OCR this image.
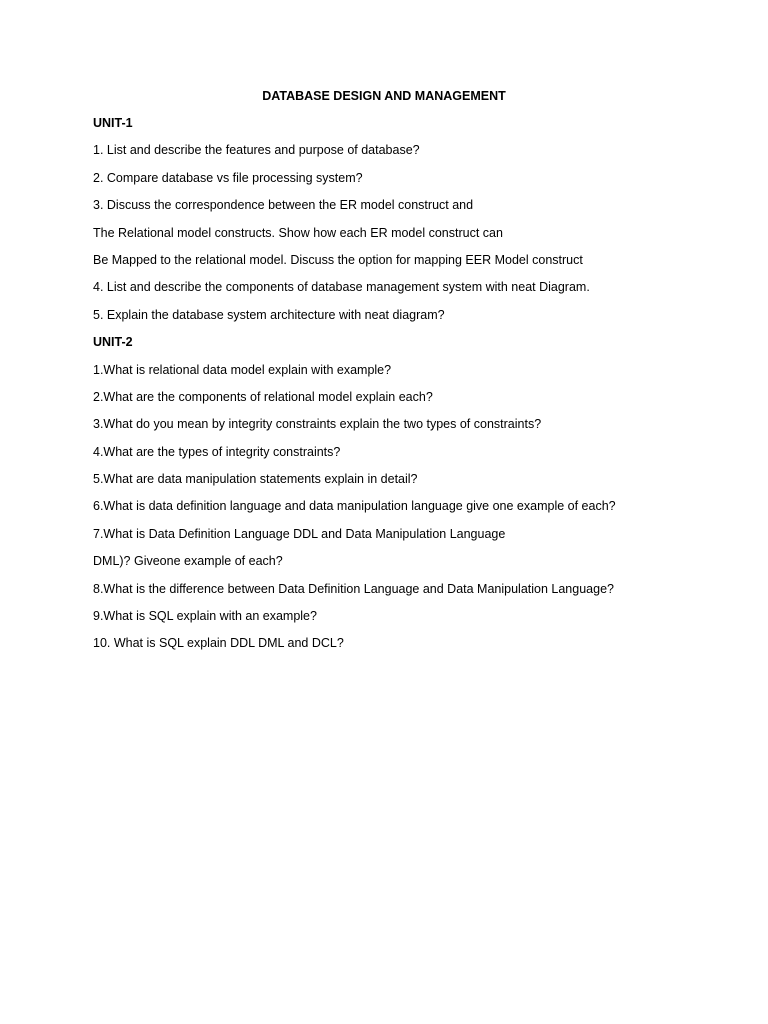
DATABASE DESIGN AND MANAGEMENT
UNIT-1
1. List and describe the features and purpose of database?
2. Compare database vs file processing system?
3. Discuss the correspondence between the ER model construct and
The Relational model constructs. Show how each ER model construct can
Be Mapped to the relational model. Discuss the option for mapping EER Model construct
4. List and describe the components of database management system with neat Diagram.
5. Explain the database system architecture with neat diagram?
UNIT-2
1.What is relational data model explain with example?
2.What are the components of relational model explain each?
3.What do you mean by integrity constraints explain the two types of constraints?
4.What are the types of integrity constraints?
5.What are data manipulation statements explain in detail?
6.What is data definition language and data manipulation language give one example of each?
7.What is Data Definition Language DDL and Data Manipulation Language
DML)? Giveone example of each?
8.What is the difference between Data Definition Language and Data Manipulation Language?
9.What is SQL explain with an example?
10. What is SQL explain DDL DML and DCL?
